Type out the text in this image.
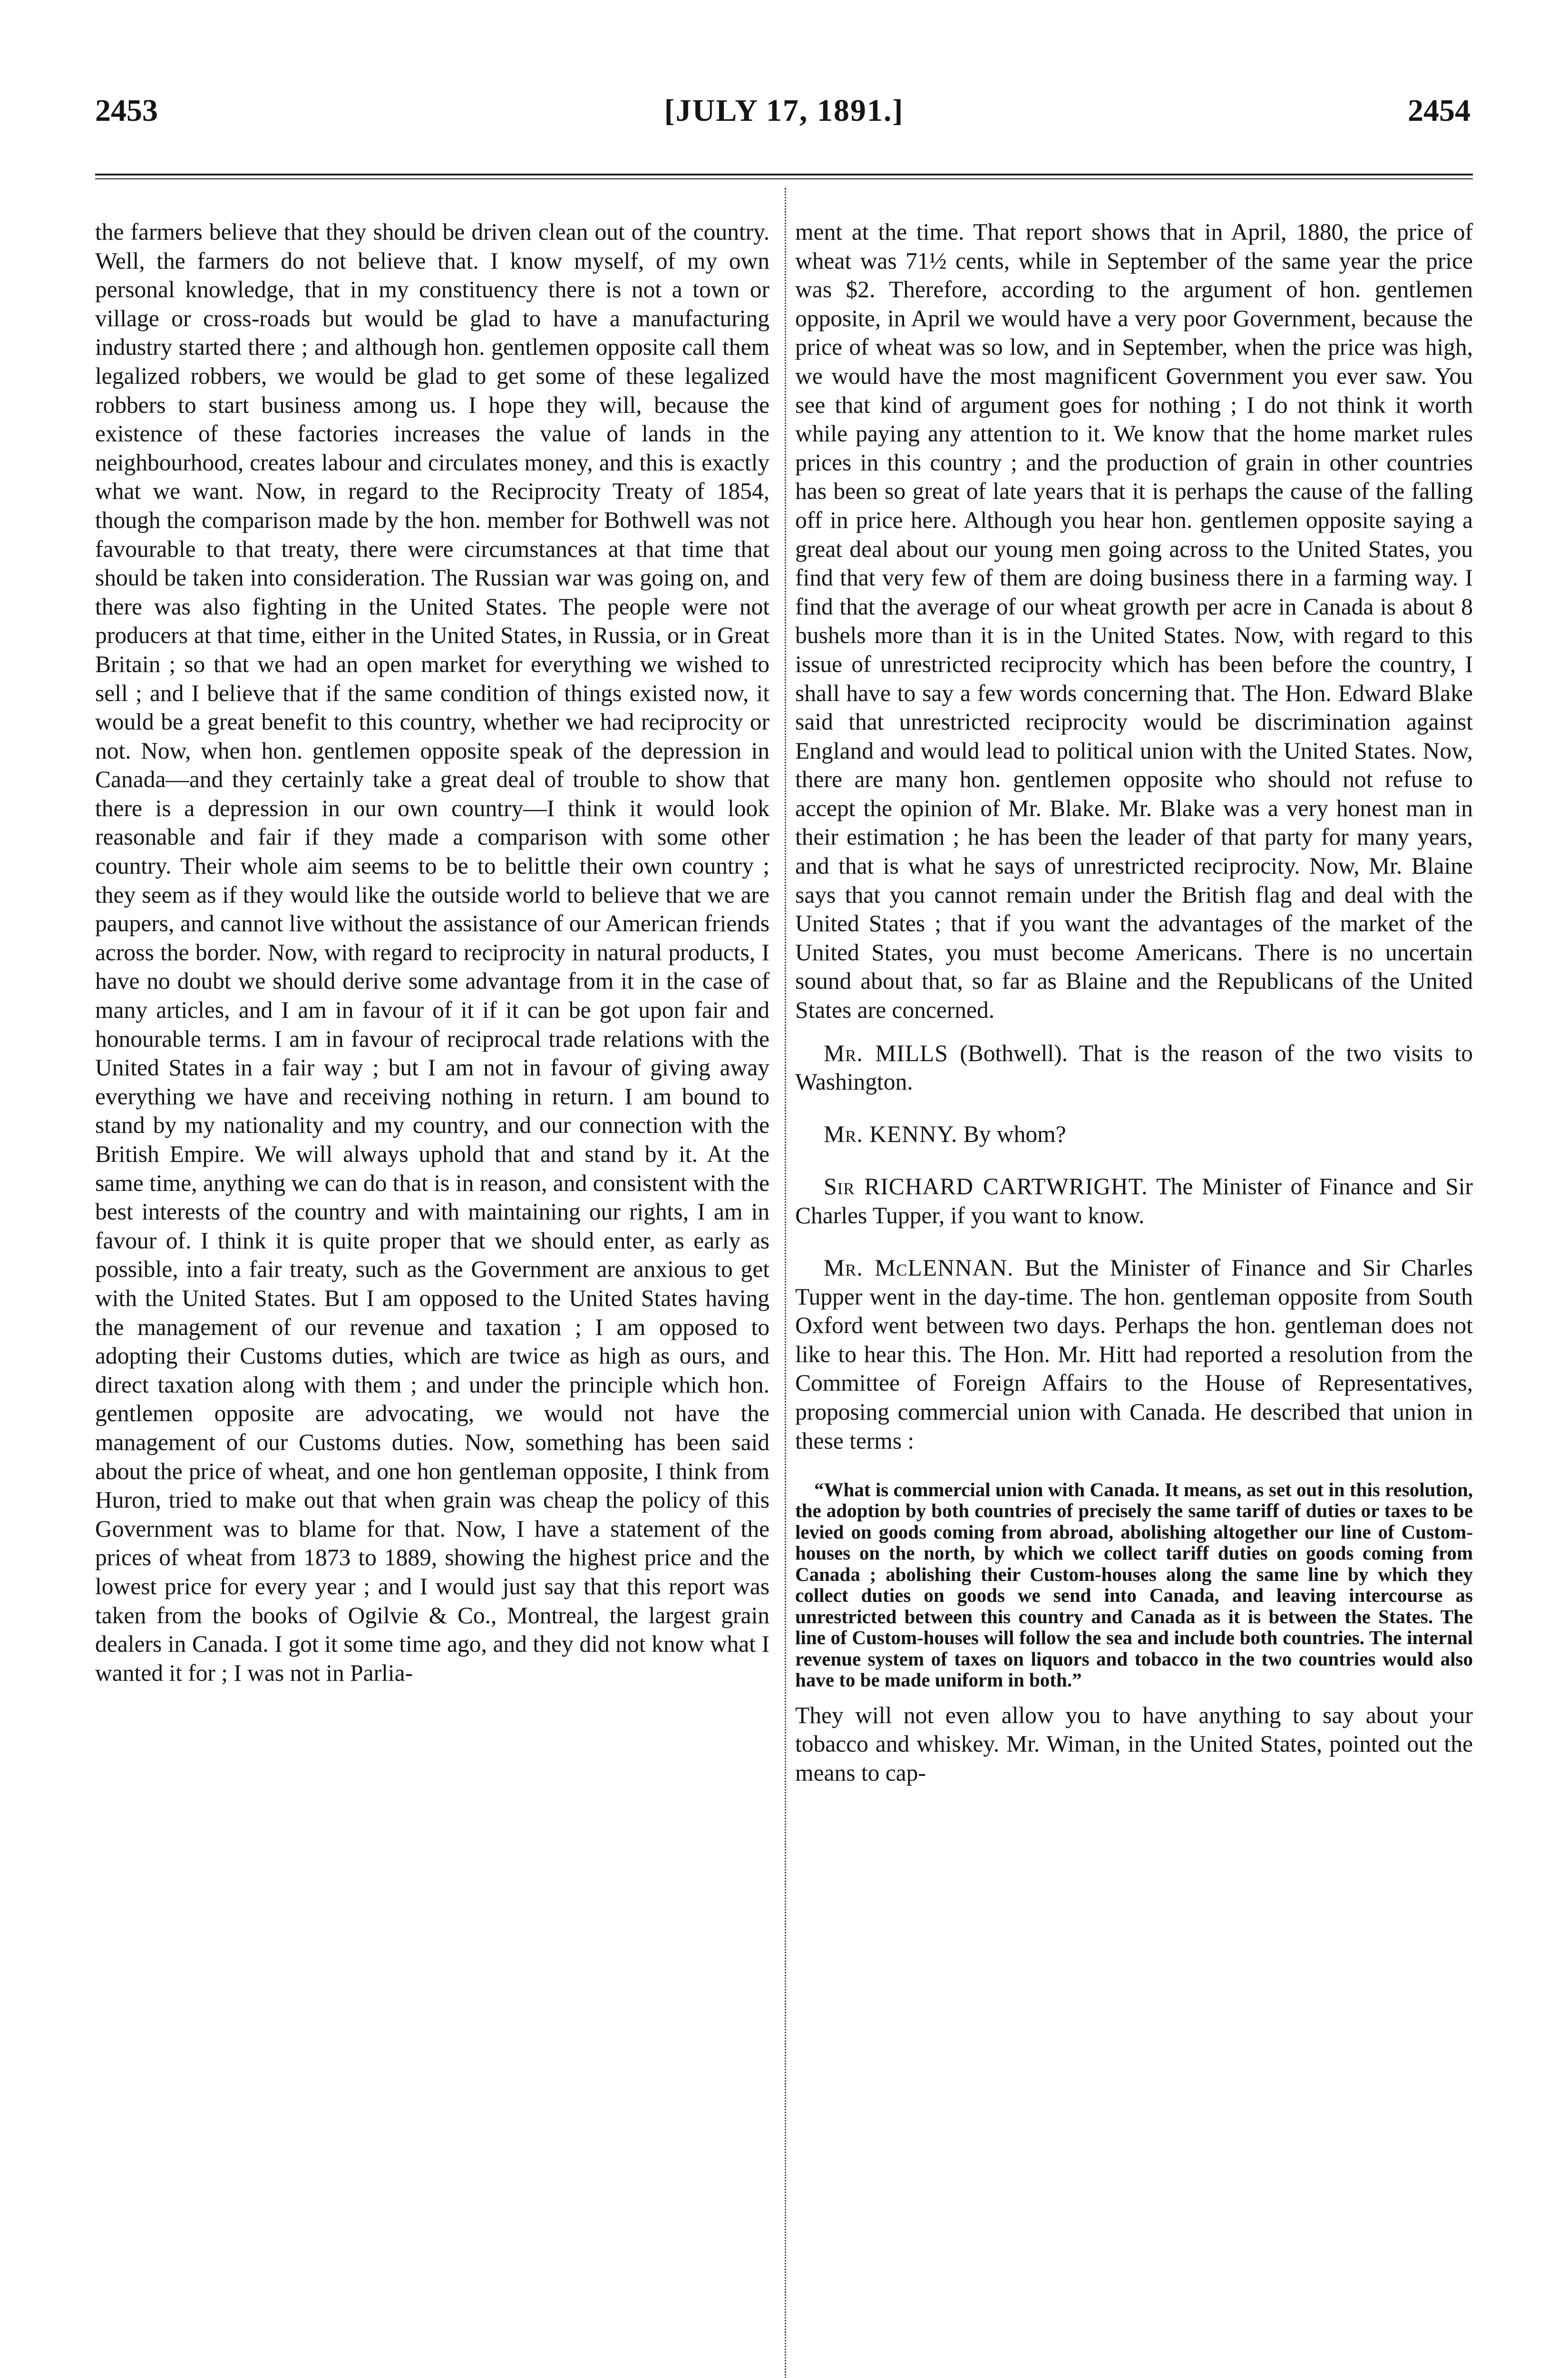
2453	[JULY 17, 1891.]	2454

the farmers believe that they should be driven clean out of the country. Well, the farmers do not believe that. I know myself, of my own personal knowledge, that in my constituency there is not a town or village or cross-roads but would be glad to have a manufacturing industry started there ; and although hon. gentlemen opposite call them legalized robbers, we would be glad to get some of these legalized robbers to start business among us. I hope they will, because the existence of these factories increases the value of lands in the neighbourhood, creates labour and circulates money, and this is exactly what we want. Now, in regard to the Reciprocity Treaty of 1854, though the comparison made by the hon. member for Bothwell was not favourable to that treaty, there were circumstances at that time that should be taken into consideration. The Russian war was going on, and there was also fighting in the United States. The people were not producers at that time, either in the United States, in Russia, or in Great Britain ; so that we had an open market for everything we wished to sell ; and I believe that if the same condition of things existed now, it would be a great benefit to this country, whether we had reciprocity or not. Now, when hon. gentlemen opposite speak of the depression in Canada—and they certainly take a great deal of trouble to show that there is a depression in our own country—I think it would look reasonable and fair if they made a comparison with some other country. Their whole aim seems to be to belittle their own country ; they seem as if they would like the outside world to believe that we are paupers, and cannot live without the assistance of our American friends across the border. Now, with regard to reciprocity in natural products, I have no doubt we should derive some advantage from it in the case of many articles, and I am in favour of it if it can be got upon fair and honourable terms. I am in favour of reciprocal trade relations with the United States in a fair way ; but I am not in favour of giving away everything we have and receiving nothing in return. I am bound to stand by my nationality and my country, and our connection with the British Empire. We will always uphold that and stand by it. At the same time, anything we can do that is in reason, and consistent with the best interests of the country and with maintaining our rights, I am in favour of. I think it is quite proper that we should enter, as early as possible, into a fair treaty, such as the Government are anxious to get with the United States. But I am opposed to the United States having the management of our revenue and taxation ; I am opposed to adopting their Customs duties, which are twice as high as ours, and direct taxation along with them ; and under the principle which hon. gentlemen opposite are advocating, we would not have the management of our Customs duties. Now, something has been said about the price of wheat, and one hon gentleman opposite, I think from Huron, tried to make out that when grain was cheap the policy of this Government was to blame for that. Now, I have a statement of the prices of wheat from 1873 to 1889, showing the highest price and the lowest price for every year ; and I would just say that this report was taken from the books of Ogilvie & Co., Montreal, the largest grain dealers in Canada. I got it some time ago, and they did not know what I wanted it for ; I was not in Parlia-

ment at the time. That report shows that in April, 1880, the price of wheat was 71½ cents, while in September of the same year the price was $2. Therefore, according to the argument of hon. gentlemen opposite, in April we would have a very poor Government, because the price of wheat was so low, and in September, when the price was high, we would have the most magnificent Government you ever saw. You see that kind of argument goes for nothing ; I do not think it worth while paying any attention to it. We know that the home market rules prices in this country ; and the production of grain in other countries has been so great of late years that it is perhaps the cause of the falling off in price here. Although you hear hon. gentlemen opposite saying a great deal about our young men going across to the United States, you find that very few of them are doing business there in a farming way. I find that the average of our wheat growth per acre in Canada is about 8 bushels more than it is in the United States. Now, with regard to this issue of unrestricted reciprocity which has been before the country, I shall have to say a few words concerning that. The Hon. Edward Blake said that unrestricted reciprocity would be discrimination against England and would lead to political union with the United States. Now, there are many hon. gentlemen opposite who should not refuse to accept the opinion of Mr. Blake. Mr. Blake was a very honest man in their estimation ; he has been the leader of that party for many years, and that is what he says of unrestricted reciprocity. Now, Mr. Blaine says that you cannot remain under the British flag and deal with the United States ; that if you want the advantages of the market of the United States, you must become Americans. There is no uncertain sound about that, so far as Blaine and the Republicans of the United States are concerned.

Mr. MILLS (Bothwell). That is the reason of the two visits to Washington.

Mr. KENNY. By whom?

Sir RICHARD CARTWRIGHT. The Minister of Finance and Sir Charles Tupper, if you want to know.

Mr. McLENNAN. But the Minister of Finance and Sir Charles Tupper went in the day-time. The hon. gentleman opposite from South Oxford went between two days. Perhaps the hon. gentleman does not like to hear this. The Hon. Mr. Hitt had reported a resolution from the Committee of Foreign Affairs to the House of Representatives, proposing commercial union with Canada. He described that union in these terms :

“What is commercial union with Canada. It means, as set out in this resolution, the adoption by both countries of precisely the same tariff of duties or taxes to be levied on goods coming from abroad, abolishing altogether our line of Custom-houses on the north, by which we collect tariff duties on goods coming from Canada ; abolishing their Custom-houses along the same line by which they collect duties on goods we send into Canada, and leaving intercourse as unrestricted between this country and Canada as it is between the States. The line of Custom-houses will follow the sea and include both countries. The internal revenue system of taxes on liquors and tobacco in the two countries would also have to be made uniform in both.”

They will not even allow you to have anything to say about your tobacco and whiskey. Mr. Wiman, in the United States, pointed out the means to cap-
